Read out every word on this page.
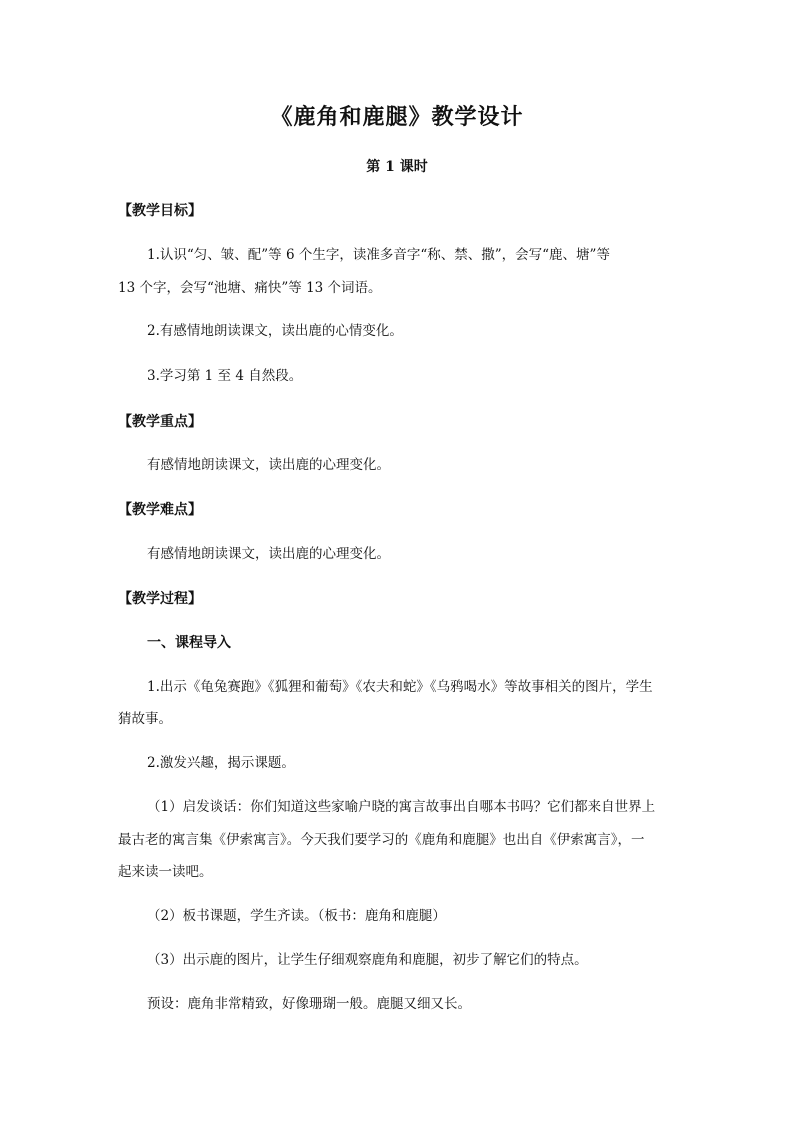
《鹿角和鹿腿》教学设计
第 1 课时
【教学目标】
1.认识“匀、皱、配”等 6 个生字，读准多音字“称、禁、撒”，会写“鹿、塘”等
13 个字，会写“池塘、痛快”等 13 个词语。
2.有感情地朗读课文，读出鹿的心情变化。
3.学习第 1 至 4 自然段。
【教学重点】
有感情地朗读课文，读出鹿的心理变化。
【教学难点】
有感情地朗读课文，读出鹿的心理变化。
【教学过程】
一、课程导入
1.出示《龟兔赛跑》《狐狸和葡萄》《农夫和蛇》《乌鸦喝水》等故事相关的图片，学生
猜故事。
2.激发兴趣，揭示课题。
（1）启发谈话：你们知道这些家喻户晓的寓言故事出自哪本书吗？它们都来自世界上
最古老的寓言集《伊索寓言》。今天我们要学习的《鹿角和鹿腿》也出自《伊索寓言》，一
起来读一读吧。
（2）板书课题，学生齐读。（板书：鹿角和鹿腿）
（3）出示鹿的图片，让学生仔细观察鹿角和鹿腿，初步了解它们的特点。
预设：鹿角非常精致，好像珊瑚一般。鹿腿又细又长。
